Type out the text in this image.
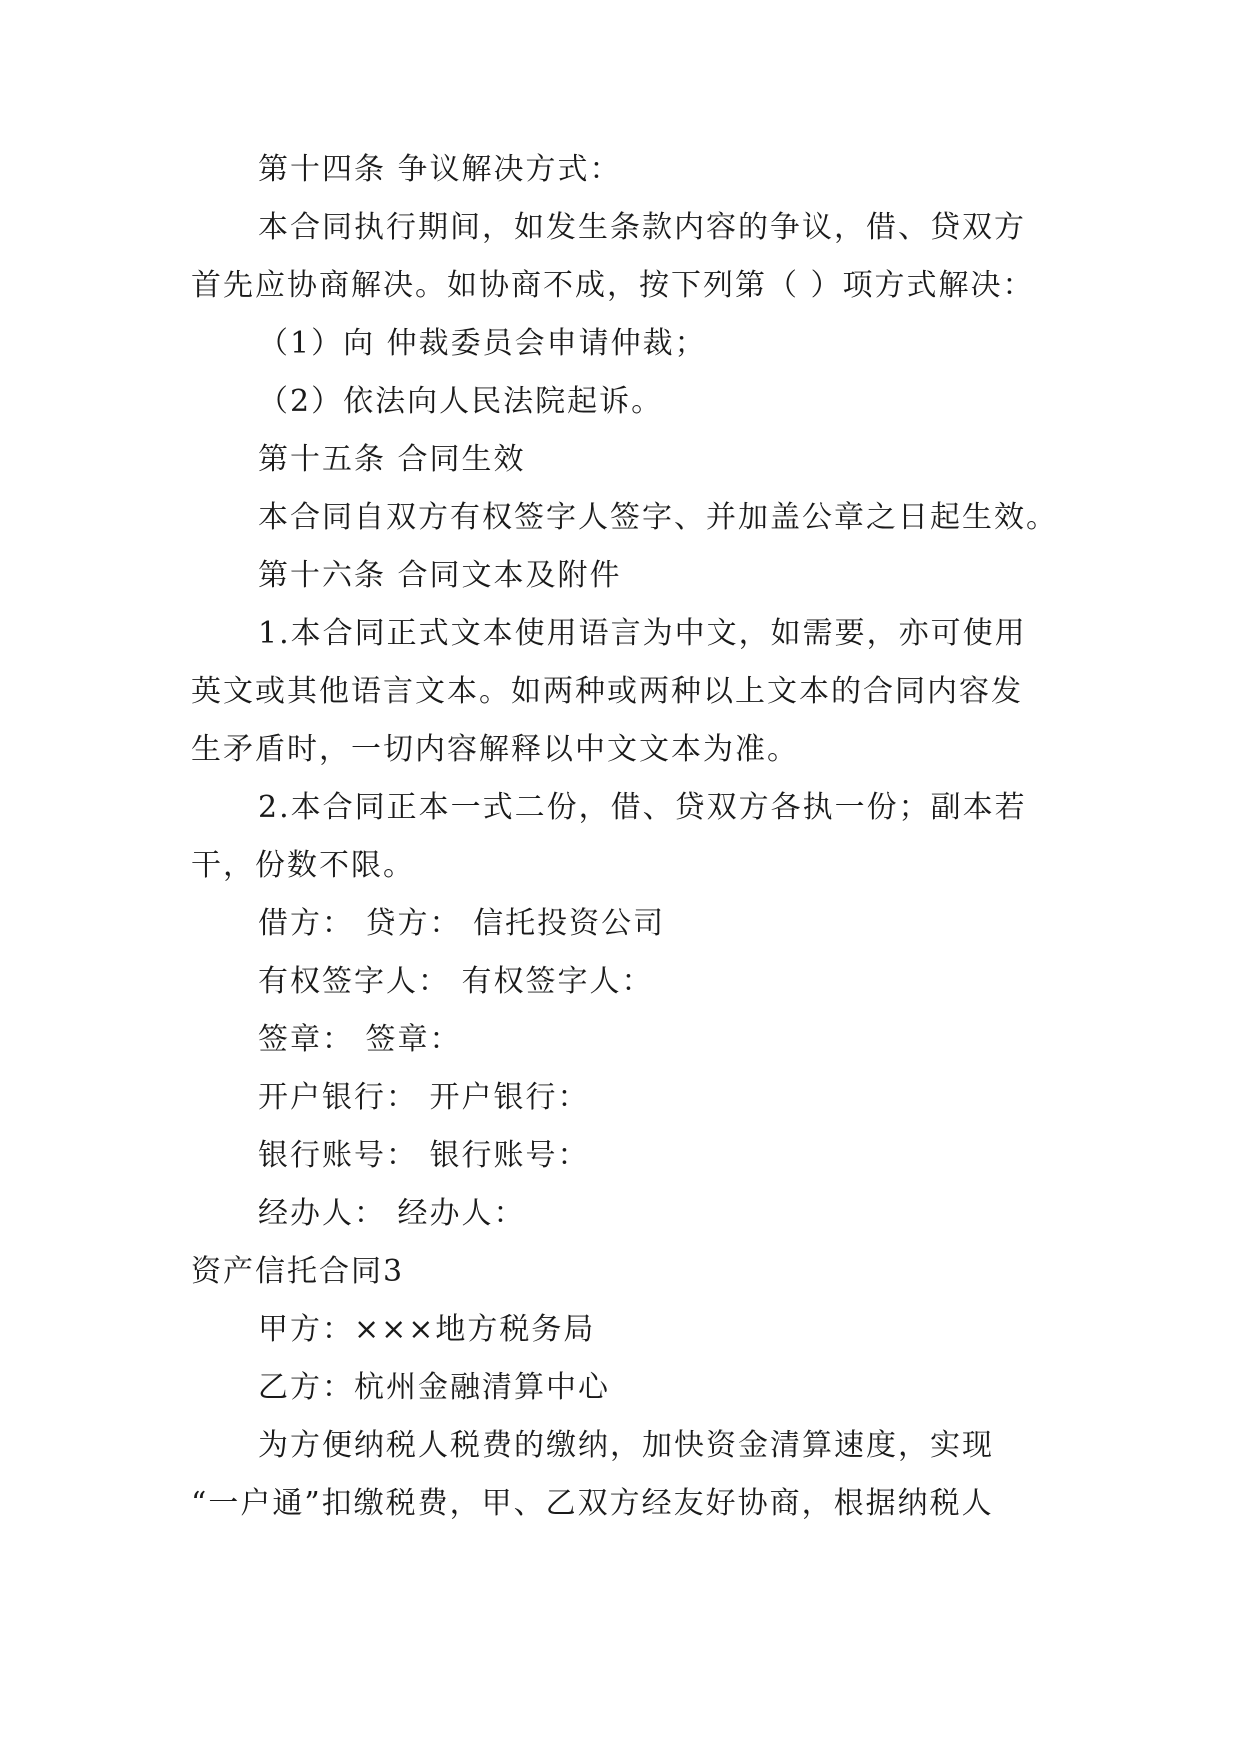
第十四条 争议解决方式：

本合同执行期间，如发生条款内容的争议，借、贷双方

首先应协商解决。如协商不成，按下列第（ ）项方式解决：

（1）向 仲裁委员会申请仲裁；

（2）依法向人民法院起诉。

第十五条 合同生效

本合同自双方有权签字人签字、并加盖公章之日起生效。

第十六条 合同文本及附件

1.本合同正式文本使用语言为中文，如需要，亦可使用

英文或其他语言文本。如两种或两种以上文本的合同内容发

生矛盾时，一切内容解释以中文文本为准。

2.本合同正本一式二份，借、贷双方各执一份；副本若

干，份数不限。

借方： 贷方： 信托投资公司

有权签字人： 有权签字人：

签章： 签章：

开户银行： 开户银行：

银行账号： 银行账号：

经办人： 经办人：

资产信托合同3

甲方：×××地方税务局

乙方：杭州金融清算中心

为方便纳税人税费的缴纳，加快资金清算速度，实现

“一户通”扣缴税费，甲、乙双方经友好协商，根据纳税人
